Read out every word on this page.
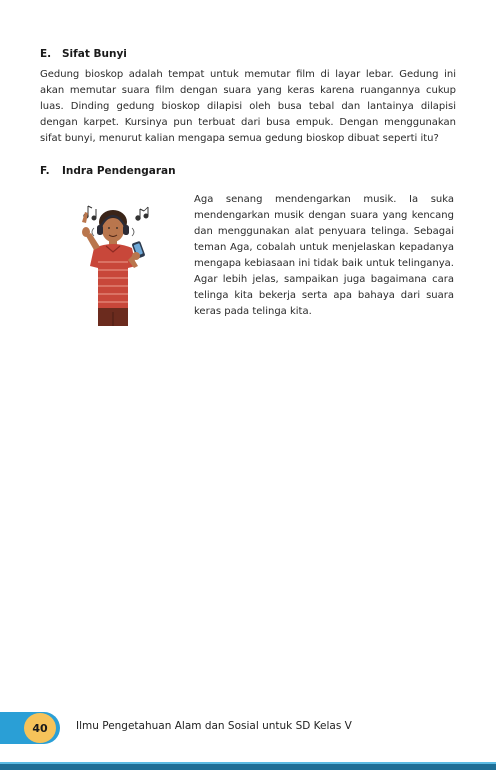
E. Sifat Bunyi
Gedung bioskop adalah tempat untuk memutar film di layar lebar. Gedung ini
akan memutar suara film dengan suara yang keras karena ruangannya cukup
luas. Dinding gedung bioskop dilapisi oleh busa tebal dan lantainya dilapisi
dengan karpet. Kursinya pun terbuat dari busa empuk. Dengan menggunakan
sifat bunyi, menurut kalian mengapa semua gedung bioskop dibuat seperti itu?
F. Indra Pendengaran
Aga senang mendengarkan musik. Ia suka
mendengarkan musik dengan suara yang kencang
dan menggunakan alat penyuara telinga. Sebagai
teman Aga, cobalah untuk menjelaskan kepadanya
mengapa kebiasaan ini tidak baik untuk telinganya.
Agar lebih jelas, sampaikan juga bagaimana cara
telinga kita bekerja serta apa bahaya dari suara
keras pada telinga kita.
40	Ilmu Pengetahuan Alam dan Sosial untuk SD Kelas V
